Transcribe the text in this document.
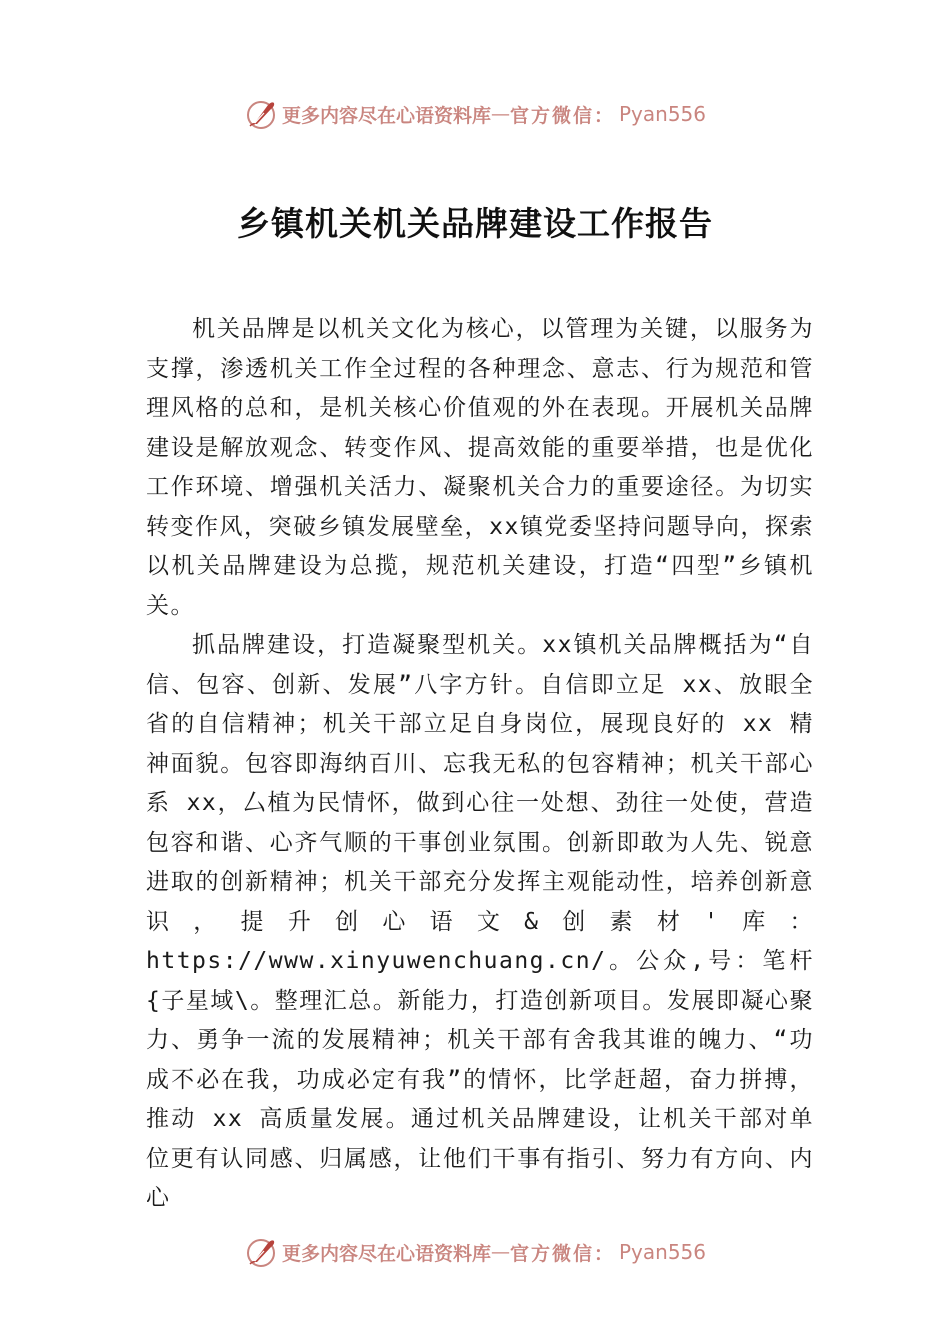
更多内容尽在心语资料库 — 官方微信： Pyan556
乡镇机关机关品牌建设工作报告

机关品牌是以机关文化为核心，以管理为关键，以服务为支撑，渗透机关工作全过程的各种理念、意志、行为规范和管理风格的总和，是机关核心价值观的外在表现。开展机关品牌建设是解放观念、转变作风、提高效能的重要举措，也是优化工作环境、增强机关活力、凝聚机关合力的重要途径。为切实转变作风，突破乡镇发展壁垒，xx镇党委坚持问题导向，探索以机关品牌建设为总揽，规范机关建设，打造“四型”乡镇机关。

抓品牌建设，打造凝聚型机关。xx镇机关品牌概括为“自信、包容、创新、发展”八字方针。自信即立足 xx、放眼全省的自信精神；机关干部立足自身岗位，展现良好的 xx 精神面貌。包容即海纳百川、忘我无私的包容精神；机关干部心系 xx，厶植为民情怀，做到心往一处想、劲往一处使，营造包容和谐、心齐气顺的干事创业氛围。创新即敢为人先、锐意进取的创新精神；机关干部充分发挥主观能动性，培养创新意识，提升创心语文&创素材'库：https://www.xinyuwenchuang.cn/。公众,号：笔杆{子星域\。整理汇总。新能力，打造创新项目。发展即凝心聚力、勇争一流的发展精神；机关干部有舍我其谁的魄力、“功成不必在我，功成必定有我”的情怀，比学赶超，奋力拼搏，推动 xx 高质量发展。通过机关品牌建设，让机关干部对单位更有认同感、归属感，让他们干事有指引、努力有方向、内心

更多内容尽在心语资料库 — 官方微信： Pyan556
